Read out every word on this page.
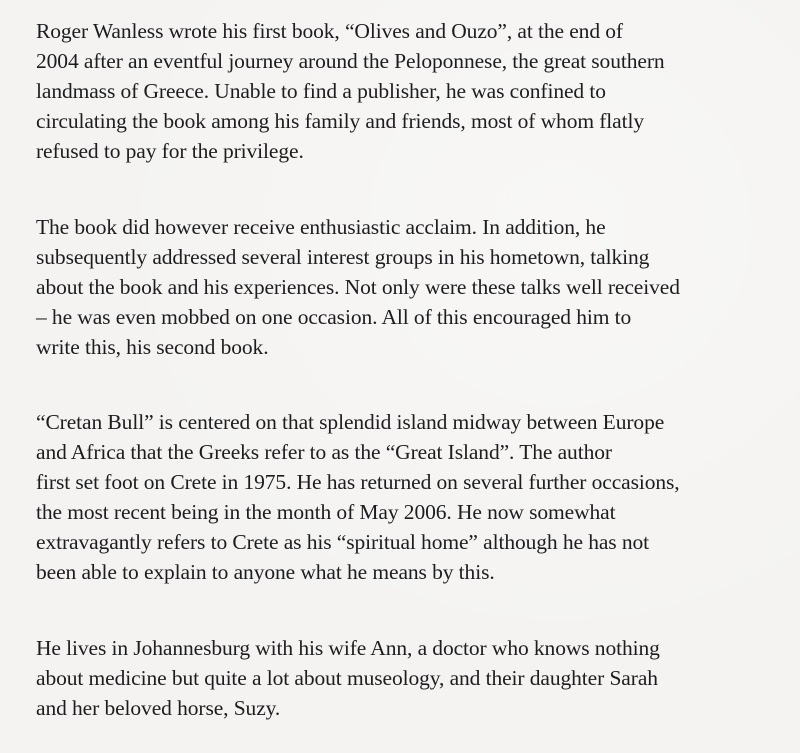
Roger Wanless wrote his first book, “Olives and Ouzo”, at the end of
2004 after an eventful journey around the Peloponnese, the great southern
landmass of Greece. Unable to find a publisher, he was confined to
circulating the book among his family and friends, most of whom flatly
refused to pay for the privilege.

The book did however receive enthusiastic acclaim. In addition, he
subsequently addressed several interest groups in his hometown, talking
about the book and his experiences. Not only were these talks well received
– he was even mobbed on one occasion. All of this encouraged him to
write this, his second book.

“Cretan Bull” is centered on that splendid island midway between Europe
and Africa that the Greeks refer to as the “Great Island”. The author
first set foot on Crete in 1975. He has returned on several further occasions,
the most recent being in the month of May 2006. He now somewhat
extravagantly refers to Crete as his “spiritual home” although he has not
been able to explain to anyone what he means by this.

He lives in Johannesburg with his wife Ann, a doctor who knows nothing
about medicine but quite a lot about museology, and their daughter Sarah
and her beloved horse, Suzy.
